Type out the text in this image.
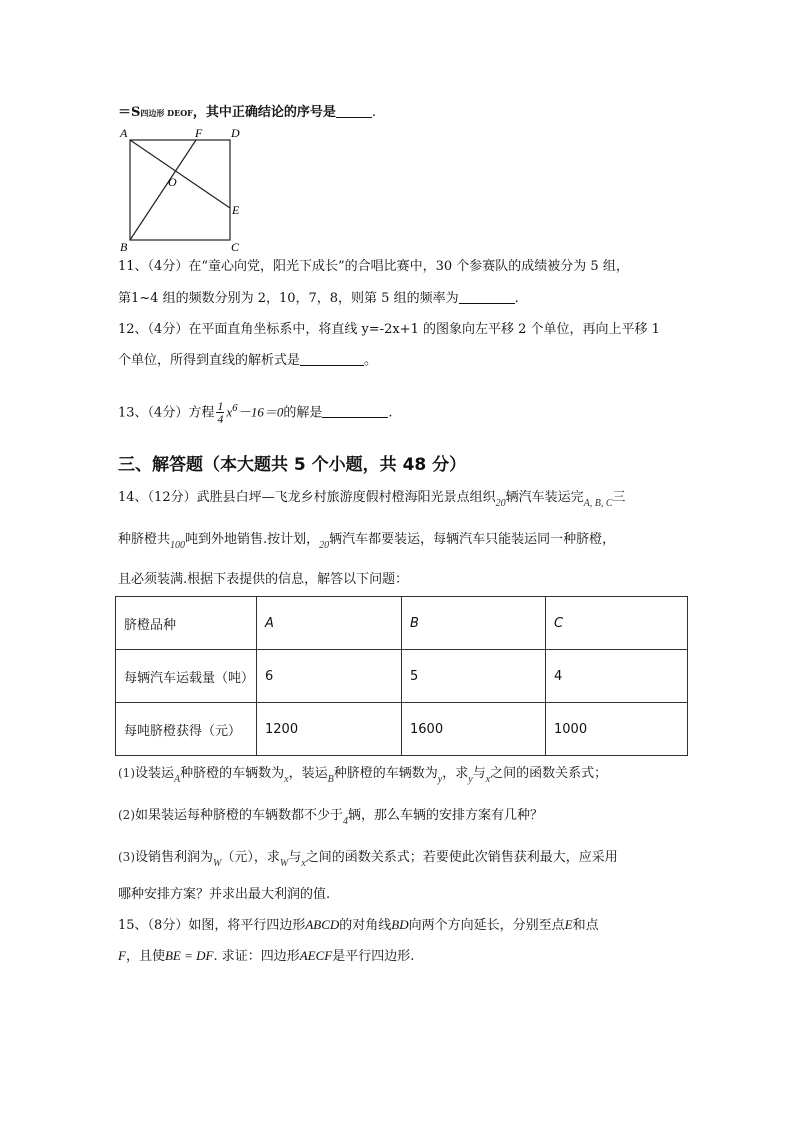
＝S四边形 DEOF，其中正确结论的序号是	.
A	F D
O
E
B	C
11、（4分）在“童心向党，阳光下成长”的合唱比赛中，30 个参赛队的成绩被分为 5 组，
第1~4 组的频数分别为 2，10，7，8，则第 5 组的频率为	.
12、（4分）在平面直角坐标系中，将直线 y=-2x+1 的图象向左平移 2 个单位，再向上平移 1
个单位，所得到直线的解析式是	。
13、（4分）方程 $\frac{1}{4} x^6-16=0$的解是	.
三、解答题（本大题共 5 个小题，共 48 分）
14、（12分）武胜县白坪—飞龙乡村旅游度假村橙海阳光景点组织$_{20}$辆汽车装运完$_{A, B, C}$三
种脐橙共$_{100}$吨到外地销售.按计划，$_{20}$辆汽车都要装运，每辆汽车只能装运同一种脐橙，
且必须装满.根据下表提供的信息，解答以下问题：
脐橙品种	A	B	C
每辆汽车运载量（吨）	6	5	4
每吨脐橙获得（元）	1200	1600	1000
(1)设装运$_A$种脐橙的车辆数为$_x$，装运$_B$种脐橙的车辆数为$_y$，求$_y$与$_x$之间的函数关系式；
(2)如果装运每种脐橙的车辆数都不少于$_4$辆，那么车辆的安排方案有几种？
(3)设销售利润为$_W$（元），求$_W$与$_x$之间的函数关系式；若要使此次销售获利最大，应采用
哪种安排方案？并求出最大利润的值.
15、（8分）如图，将平行四边形ABCD的对角线BD向两个方向延长，分别至点E和点
F，且使BE = DF. 求证：四边形AECF是平行四边形.
